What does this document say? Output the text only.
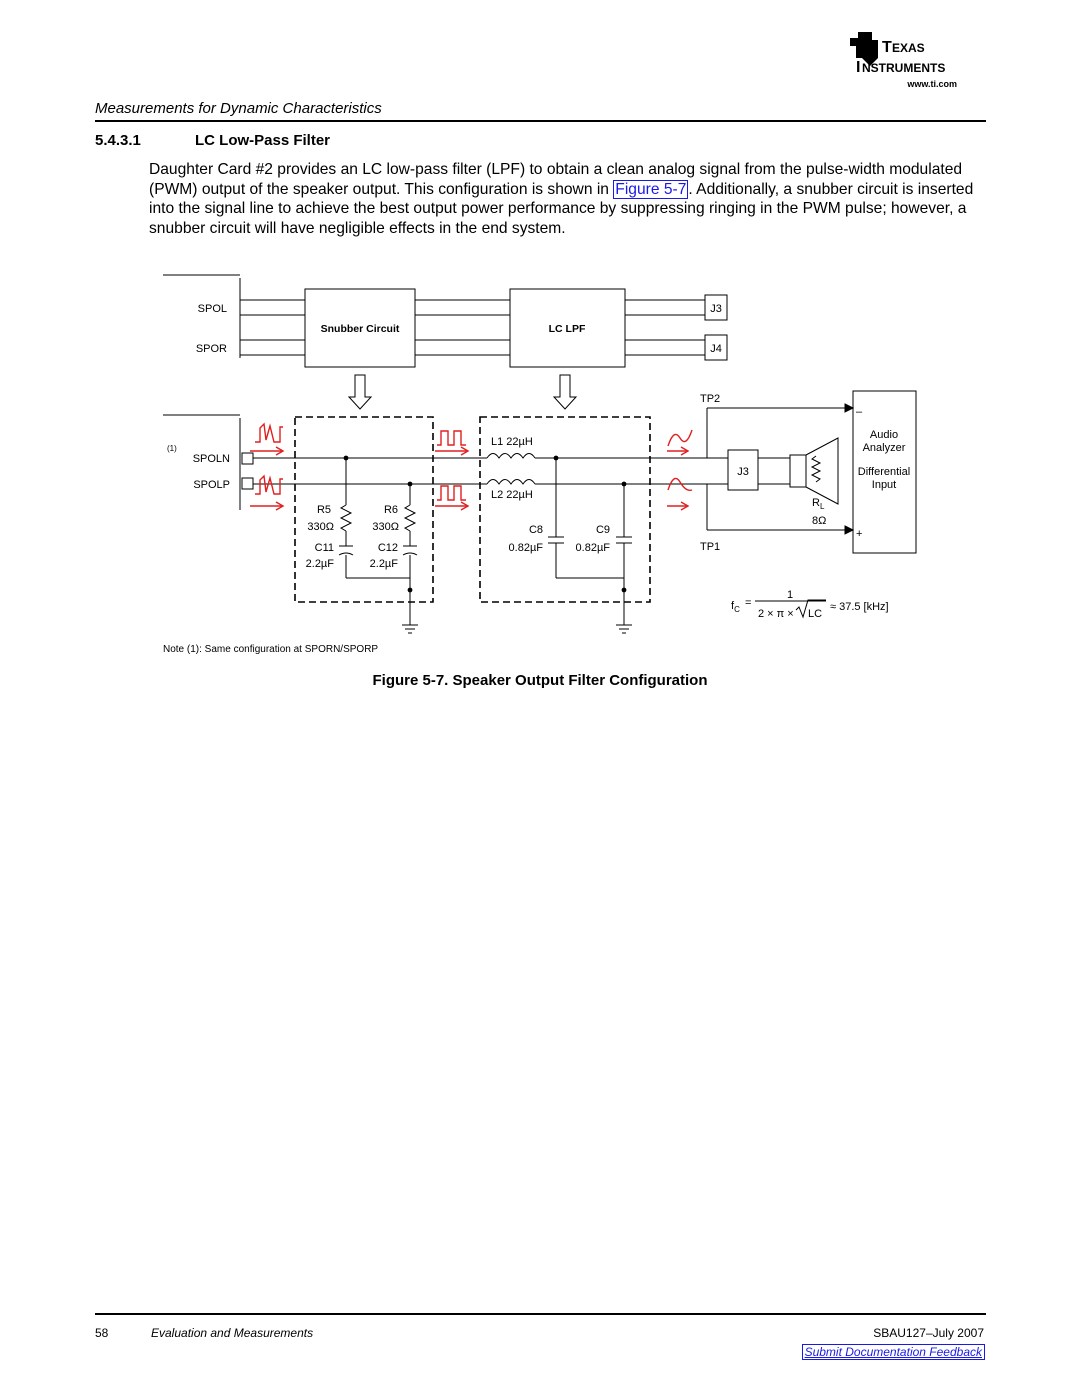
T EXAS
I NSTRUMENTS
www.ti.com
Measurements for Dynamic Characteristics
5.4.3.1	LC Low-Pass Filter
Daughter Card #2 provides an LC low-pass filter (LPF) to obtain a clean analog signal from the pulse-width modulated (PWM) output of the speaker output. This configuration is shown in Figure 5-7 . Additionally, a snubber circuit is inserted into the signal line to achieve the best output power performance by suppressing ringing in the PWM pulse; however, a snubber circuit will have negligible effects in the end system.
SPOL
SPOR
Snubber Circuit	LC LPF
J3
J4
(1)
SPOLN
SPOLP
R5	R6
330Ω	330Ω
C11	C12
2.2µF	2.2µF
L1 22µH
L2 22µH
C8	C9
0.82µF	0.82µF
TP2
TP1
J3
$R_L$
8Ω
–
+
Audio
Analyzer
Differential
Input
$f_C$
=
1
2 × π × LC
≈ 37.5 [kHz]
Note (1): Same configuration at SPORN/SPORP
Figure 5-7. Speaker Output Filter Configuration
58	Evaluation and Measurements	SBAU127–July 2007
Submit Documentation Feedback
